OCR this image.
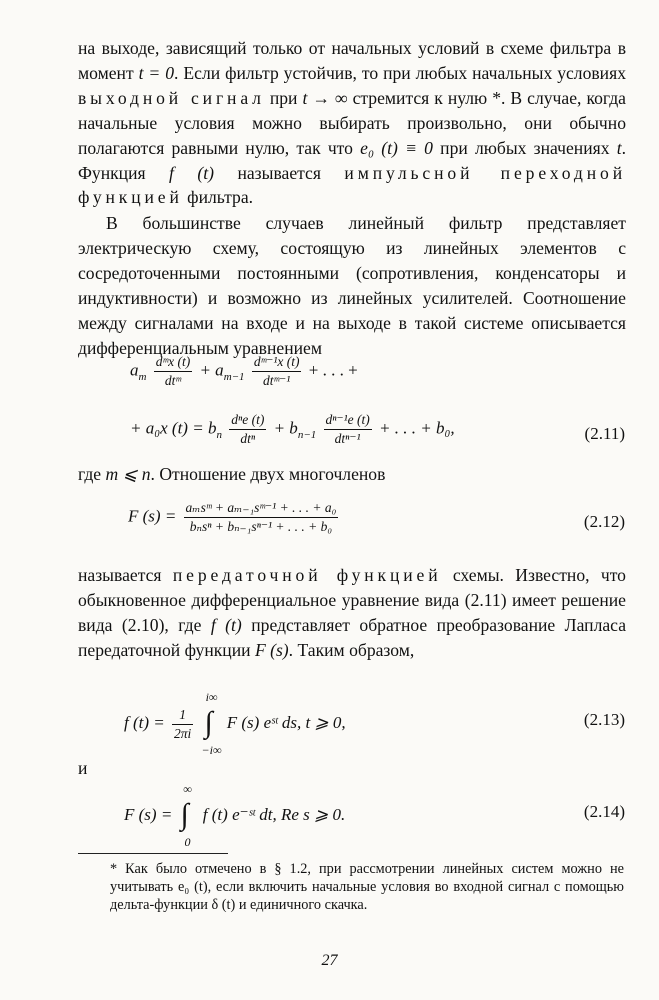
на выходе, зависящий только от начальных условий в схеме фильтра в момент t = 0. Если фильтр устойчив, то при любых начальных условиях выходной сигнал при t → ∞ стремится к нулю *. В случае, когда начальные условия можно выбирать произвольно, они обычно полагаются равными нулю, так что e₀ (t) ≡ 0 при любых значениях t. Функция f (t) называется импульсной переходной функцией фильтра.

В большинстве случаев линейный фильтр представляет электрическую схему, состоящую из линейных элементов с сосредоточенными постоянными (сопротивления, конденсаторы и индуктивности) и возможно из линейных усилителей. Соотношение между сигналами на входе и на выходе в такой системе описывается дифференциальным уравнением

$a_m \frac{\text{dᵐx (t)}}{\text{dtᵐ}} + a_{m-1} \frac{\text{dᵐ⁻¹x (t)}}{\text{dtᵐ⁻¹}}$ + . . . +
+ a₀x $(t) = b_n \frac{\text{dⁿe (t)}}{\text{dtⁿ}} + b_{n-1} \frac{\text{dⁿ⁻¹e (t)}}{\text{dtⁿ⁻¹}}$ + . . . + b₀,	(2.11)

где m ⩽ n. Отношение двух многочленов

F $(s) = \frac{\text{aₘsᵐ + aₘ₋₁sᵐ⁻¹ + . . . + a₀}}{\text{bₙsⁿ + bₙ₋₁sⁿ⁻¹ + . . . + b₀}}$	(2.12)

называется передаточной функцией схемы. Известно, что обыкновенное дифференциальное уравнение вида (2.11) имеет решение вида (2.10), где f (t) представляет обратное преобразование Лапласа передаточной функции F (s). Таким образом,

f $(t) = \frac{1}{2\pi i}$

i∞
∫
−i∞
F (s) eˢᵗ ds, t ⩾ 0,	(2.13)

и

F (s) =
∞
∫
0
f (t) e⁻ˢᵗ dt, Re s ⩾ 0.	(2.14)

* Как было отмечено в § 1.2, при рассмотрении линейных систем можно не учитывать e₀ (t), если включить начальные условия во входной сигнал с помощью дельта-функции δ (t) и единичного скачка.

27
